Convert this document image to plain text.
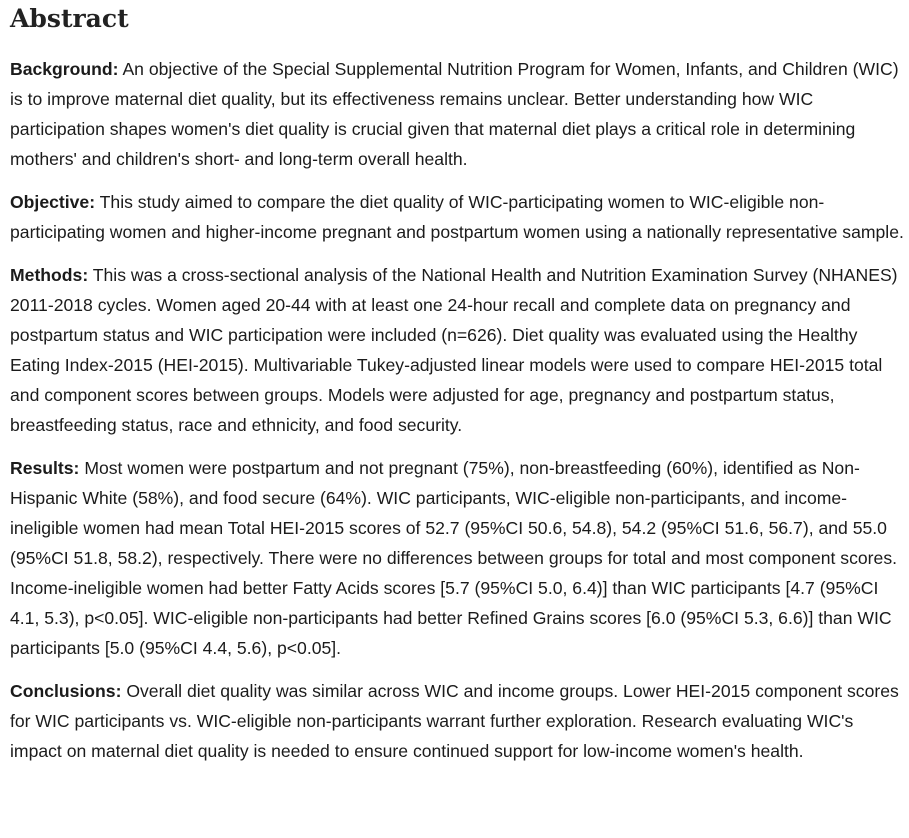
Abstract

Background: An objective of the Special Supplemental Nutrition Program for Women, Infants, and Children (WIC) is to improve maternal diet quality, but its effectiveness remains unclear. Better understanding how WIC participation shapes women's diet quality is crucial given that maternal diet plays a critical role in determining mothers' and children's short- and long-term overall health.

Objective: This study aimed to compare the diet quality of WIC-participating women to WIC-eligible non-participating women and higher-income pregnant and postpartum women using a nationally representative sample.

Methods: This was a cross-sectional analysis of the National Health and Nutrition Examination Survey (NHANES) 2011-2018 cycles. Women aged 20-44 with at least one 24-hour recall and complete data on pregnancy and postpartum status and WIC participation were included (n=626). Diet quality was evaluated using the Healthy Eating Index-2015 (HEI-2015). Multivariable Tukey-adjusted linear models were used to compare HEI-2015 total and component scores between groups. Models were adjusted for age, pregnancy and postpartum status, breastfeeding status, race and ethnicity, and food security.

Results: Most women were postpartum and not pregnant (75%), non-breastfeeding (60%), identified as Non-Hispanic White (58%), and food secure (64%). WIC participants, WIC-eligible non-participants, and income-ineligible women had mean Total HEI-2015 scores of 52.7 (95%CI 50.6, 54.8), 54.2 (95%CI 51.6, 56.7), and 55.0 (95%CI 51.8, 58.2), respectively. There were no differences between groups for total and most component scores. Income-ineligible women had better Fatty Acids scores [5.7 (95%CI 5.0, 6.4)] than WIC participants [4.7 (95%CI 4.1, 5.3), p<0.05]. WIC-eligible non-participants had better Refined Grains scores [6.0 (95%CI 5.3, 6.6)] than WIC participants [5.0 (95%CI 4.4, 5.6), p<0.05].

Conclusions: Overall diet quality was similar across WIC and income groups. Lower HEI-2015 component scores for WIC participants vs. WIC-eligible non-participants warrant further exploration. Research evaluating WIC's impact on maternal diet quality is needed to ensure continued support for low-income women's health.
